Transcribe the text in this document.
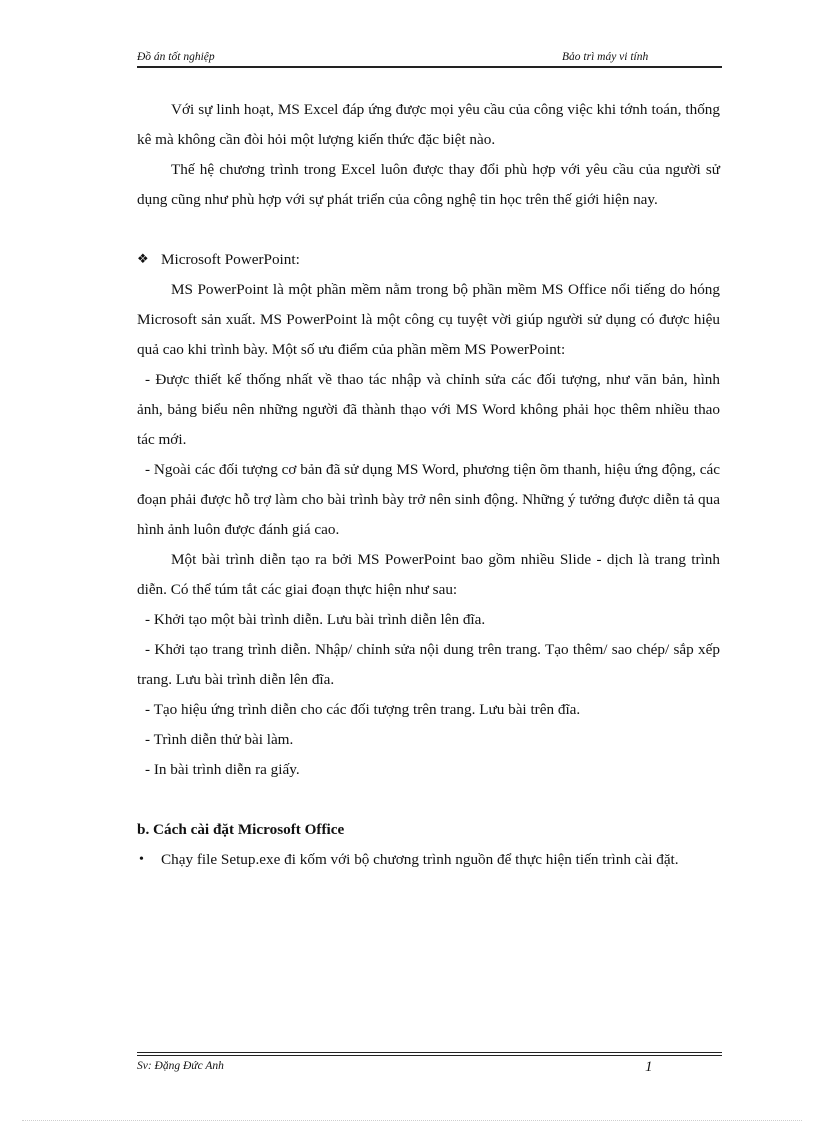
Đồ án tốt nghiệp	Bảo trì máy vi tính

Với sự linh hoạt, MS Excel đáp ứng được mọi yêu cầu của công việc khi tớnh toán, thống kê mà không cần đòi hỏi một lượng kiến thức đặc biệt nào.

Thế hệ chương trình trong Excel luôn được thay đổi phù hợp với yêu cầu của người sử dụng cũng như phù hợp với sự phát triển của công nghệ tin học trên thế giới hiện nay.

❖ Microsoft PowerPoint:

MS PowerPoint là một phần mềm nằm trong bộ phần mềm MS Office nổi tiếng do hóng Microsoft sản xuất. MS PowerPoint là một công cụ tuyệt vời giúp người sử dụng có được hiệu quả cao khi trình bày. Một số ưu điểm của phần mềm MS PowerPoint:

- Được thiết kế thống nhất về thao tác nhập và chỉnh sửa các đối tượng, như văn bản, hình ảnh, bảng biểu nên những người đã thành thạo với MS Word không phải học thêm nhiều thao tác mới.

- Ngoài các đối tượng cơ bản đã sử dụng MS Word, phương tiện õm thanh, hiệu ứng động, các đoạn phải được hỗ trợ làm cho bài trình bày trở nên sinh động. Những ý tưởng được diễn tả qua hình ảnh luôn được đánh giá cao.

Một bài trình diễn tạo ra bởi MS PowerPoint bao gồm nhiều Slide - dịch là trang trình diễn. Có thể túm tắt các giai đoạn thực hiện như sau:

- Khởi tạo một bài trình diễn. Lưu bài trình diễn lên đĩa.

- Khởi tạo trang trình diễn. Nhập/ chỉnh sửa nội dung trên trang. Tạo thêm/ sao chép/ sắp xếp trang. Lưu bài trình diễn lên đĩa.

- Tạo hiệu ứng trình diễn cho các đối tượng trên trang. Lưu bài trên đĩa.

- Trình diễn thử bài làm.

- In bài trình diễn ra giấy.

b. Cách cài đặt Microsoft Office

• Chạy file Setup.exe đi kốm với bộ chương trình nguồn để thực hiện tiến trình cài đặt.

Sv: Đặng Đức Anh	1
